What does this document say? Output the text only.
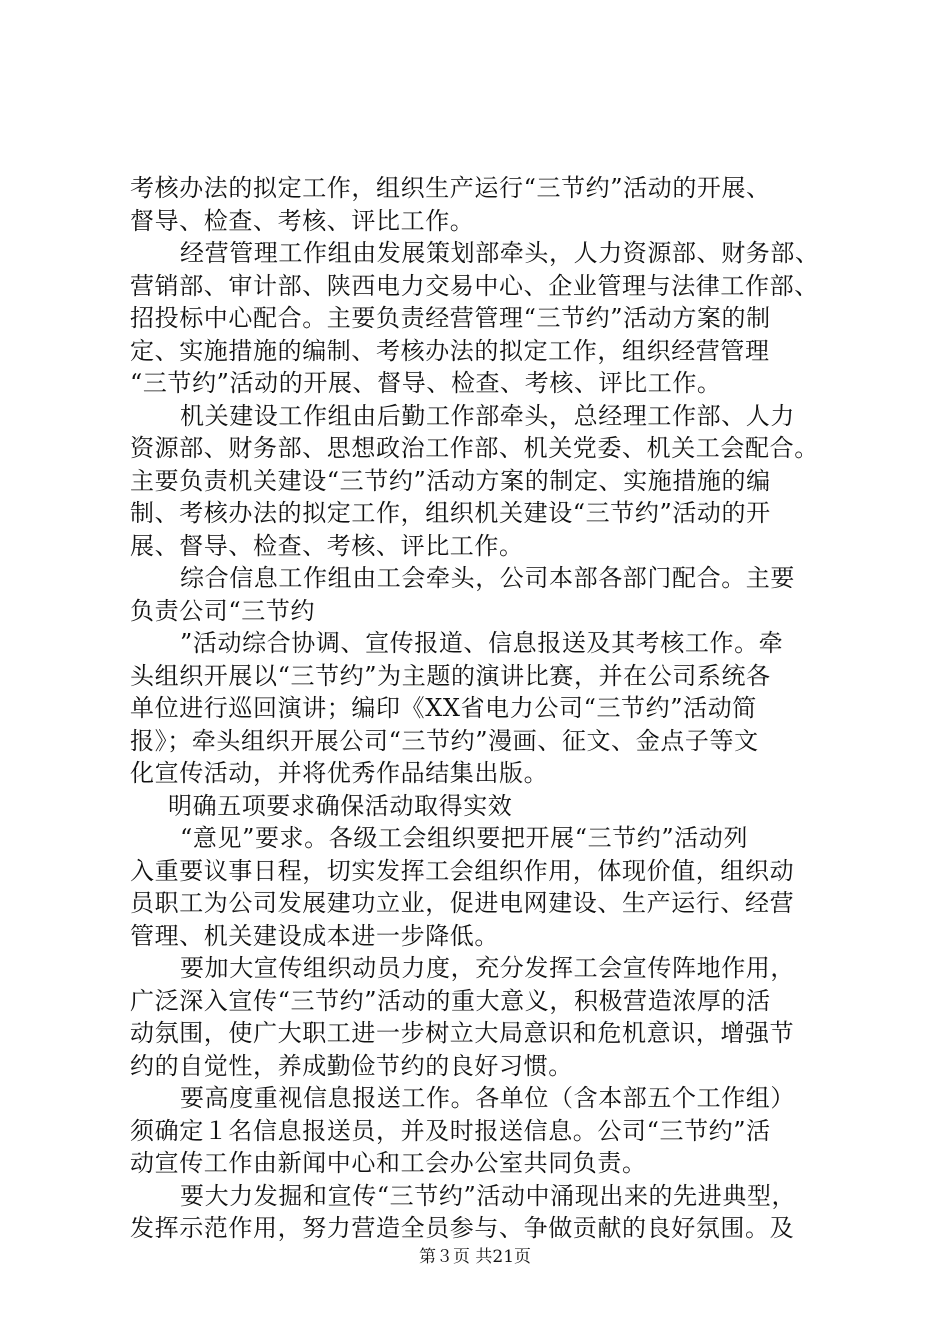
考核办法的拟定工作，组织生产运行“三节约”活动的开展、
督导、检查、考核、评比工作。
经营管理工作组由发展策划部牵头，人力资源部、财务部、
营销部、审计部、陕西电力交易中心、企业管理与法律工作部、
招投标中心配合。主要负责经营管理“三节约”活动方案的制
定、实施措施的编制、考核办法的拟定工作，组织经营管理
“三节约”活动的开展、督导、检查、考核、评比工作。
机关建设工作组由后勤工作部牵头，总经理工作部、人力
资源部、财务部、思想政治工作部、机关党委、机关工会配合。
主要负责机关建设“三节约”活动方案的制定、实施措施的编
制、考核办法的拟定工作，组织机关建设“三节约”活动的开
展、督导、检查、考核、评比工作。
综合信息工作组由工会牵头，公司本部各部门配合。主要
负责公司“三节约
”活动综合协调、宣传报道、信息报送及其考核工作。牵
头组织开展以“三节约”为主题的演讲比赛，并在公司系统各
单位进行巡回演讲；编印《XX省电力公司“三节约”活动简
报》；牵头组织开展公司“三节约”漫画、征文、金点子等文
化宣传活动，并将优秀作品结集出版。
明确五项要求确保活动取得实效
“意见”要求。各级工会组织要把开展“三节约”活动列
入重要议事日程，切实发挥工会组织作用，体现价值，组织动
员职工为公司发展建功立业，促进电网建设、生产运行、经营
管理、机关建设成本进一步降低。
要加大宣传组织动员力度，充分发挥工会宣传阵地作用，
广泛深入宣传“三节约”活动的重大意义，积极营造浓厚的活
动氛围，使广大职工进一步树立大局意识和危机意识，增强节
约的自觉性，养成勤俭节约的良好习惯。
要高度重视信息报送工作。各单位（含本部五个工作组）
须确定１名信息报送员，并及时报送信息。公司“三节约”活
动宣传工作由新闻中心和工会办公室共同负责。
要大力发掘和宣传“三节约”活动中涌现出来的先进典型，
发挥示范作用，努力营造全员参与、争做贡献的良好氛围。及
第３页 共21页
